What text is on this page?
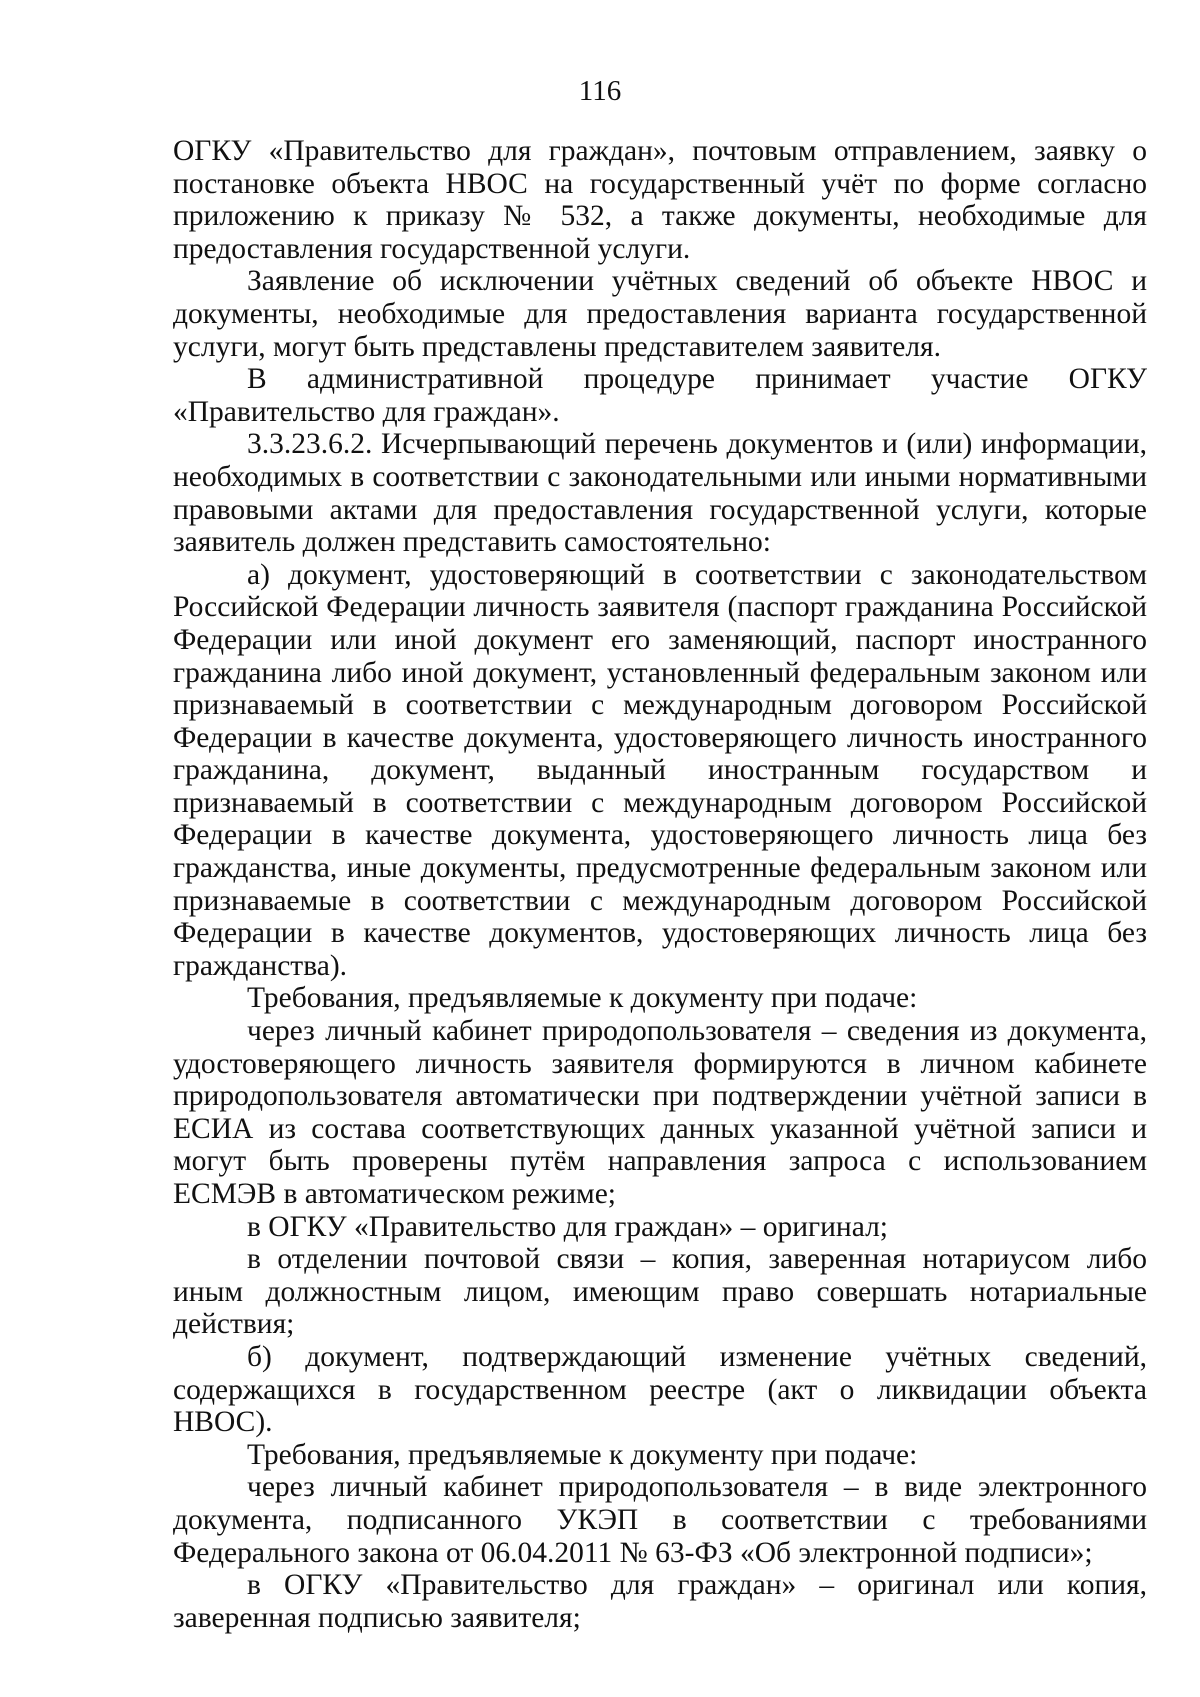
116

ОГКУ «Правительство для граждан», почтовым отправлением, заявку о постановке объекта НВОС на государственный учёт по форме согласно приложению к приказу № 532, а также документы, необходимые для предоставления государственной услуги.

Заявление об исключении учётных сведений об объекте НВОС и документы, необходимые для предоставления варианта государственной услуги, могут быть представлены представителем заявителя.

В административной процедуре принимает участие ОГКУ «Правительство для граждан».

3.3.23.6.2. Исчерпывающий перечень документов и (или) информации, необходимых в соответствии с законодательными или иными нормативными правовыми актами для предоставления государственной услуги, которые заявитель должен представить самостоятельно:

а) документ, удостоверяющий в соответствии с законодательством Российской Федерации личность заявителя (паспорт гражданина Российской Федерации или иной документ его заменяющий, паспорт иностранного гражданина либо иной документ, установленный федеральным законом или признаваемый в соответствии с международным договором Российской Федерации в качестве документа, удостоверяющего личность иностранного гражданина, документ, выданный иностранным государством и признаваемый в соответствии с международным договором Российской Федерации в качестве документа, удостоверяющего личность лица без гражданства, иные документы, предусмотренные федеральным законом или признаваемые в соответствии с международным договором Российской Федерации в качестве документов, удостоверяющих личность лица без гражданства).

Требования, предъявляемые к документу при подаче:

через личный кабинет природопользователя – сведения из документа, удостоверяющего личность заявителя формируются в личном кабинете природопользователя автоматически при подтверждении учётной записи в ЕСИА из состава соответствующих данных указанной учётной записи и могут быть проверены путём направления запроса с использованием ЕСМЭВ в автоматическом режиме;

в ОГКУ «Правительство для граждан» – оригинал;

в отделении почтовой связи – копия, заверенная нотариусом либо иным должностным лицом, имеющим право совершать нотариальные действия;

б) документ, подтверждающий изменение учётных сведений, содержащихся в государственном реестре (акт о ликвидации объекта НВОС).

Требования, предъявляемые к документу при подаче:

через личный кабинет природопользователя – в виде электронного документа, подписанного УКЭП в соответствии с требованиями Федерального закона от 06.04.2011 № 63-ФЗ «Об электронной подписи»;

в ОГКУ «Правительство для граждан» – оригинал или копия, заверенная подписью заявителя;
